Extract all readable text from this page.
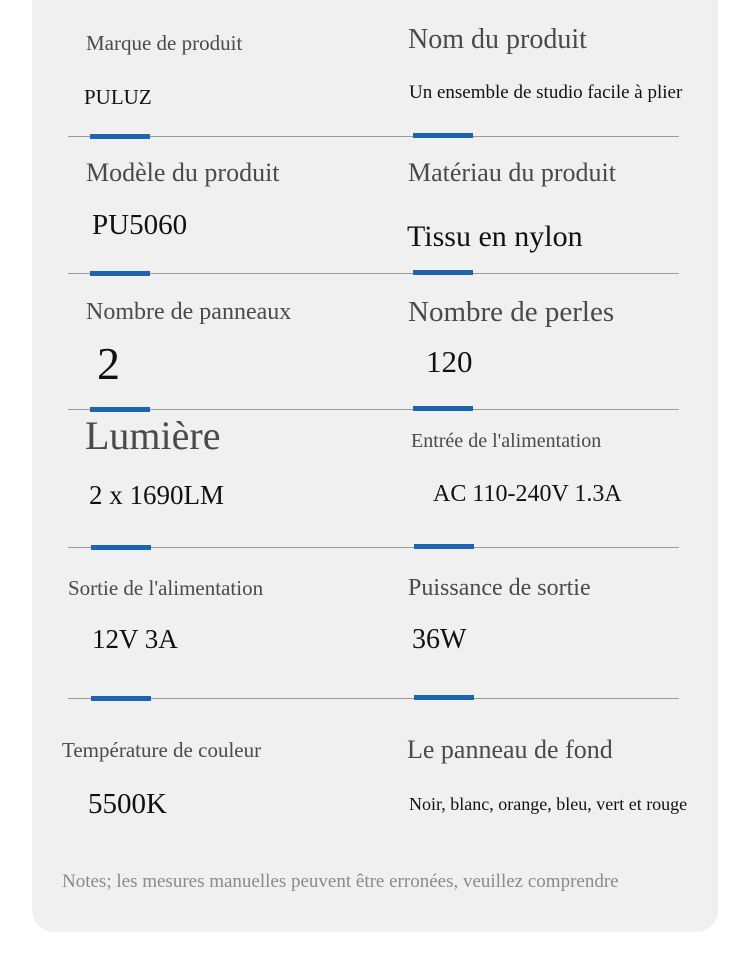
Marque de produit	Nom du produit
PULUZ	Un ensemble de studio facile à plier
Modèle du produit	Matériau du produit
PU5060	Tissu en nylon
Nombre de panneaux	Nombre de perles
2	120
Lumière	Entrée de l'alimentation
2 x 1690LM	AC 110-240V 1.3A
Sortie de l'alimentation	Puissance de sortie
12V 3A	36W
Température de couleur	Le panneau de fond
5500K	Noir, blanc, orange, bleu, vert et rouge
Notes; les mesures manuelles peuvent être erronées, veuillez comprendre
